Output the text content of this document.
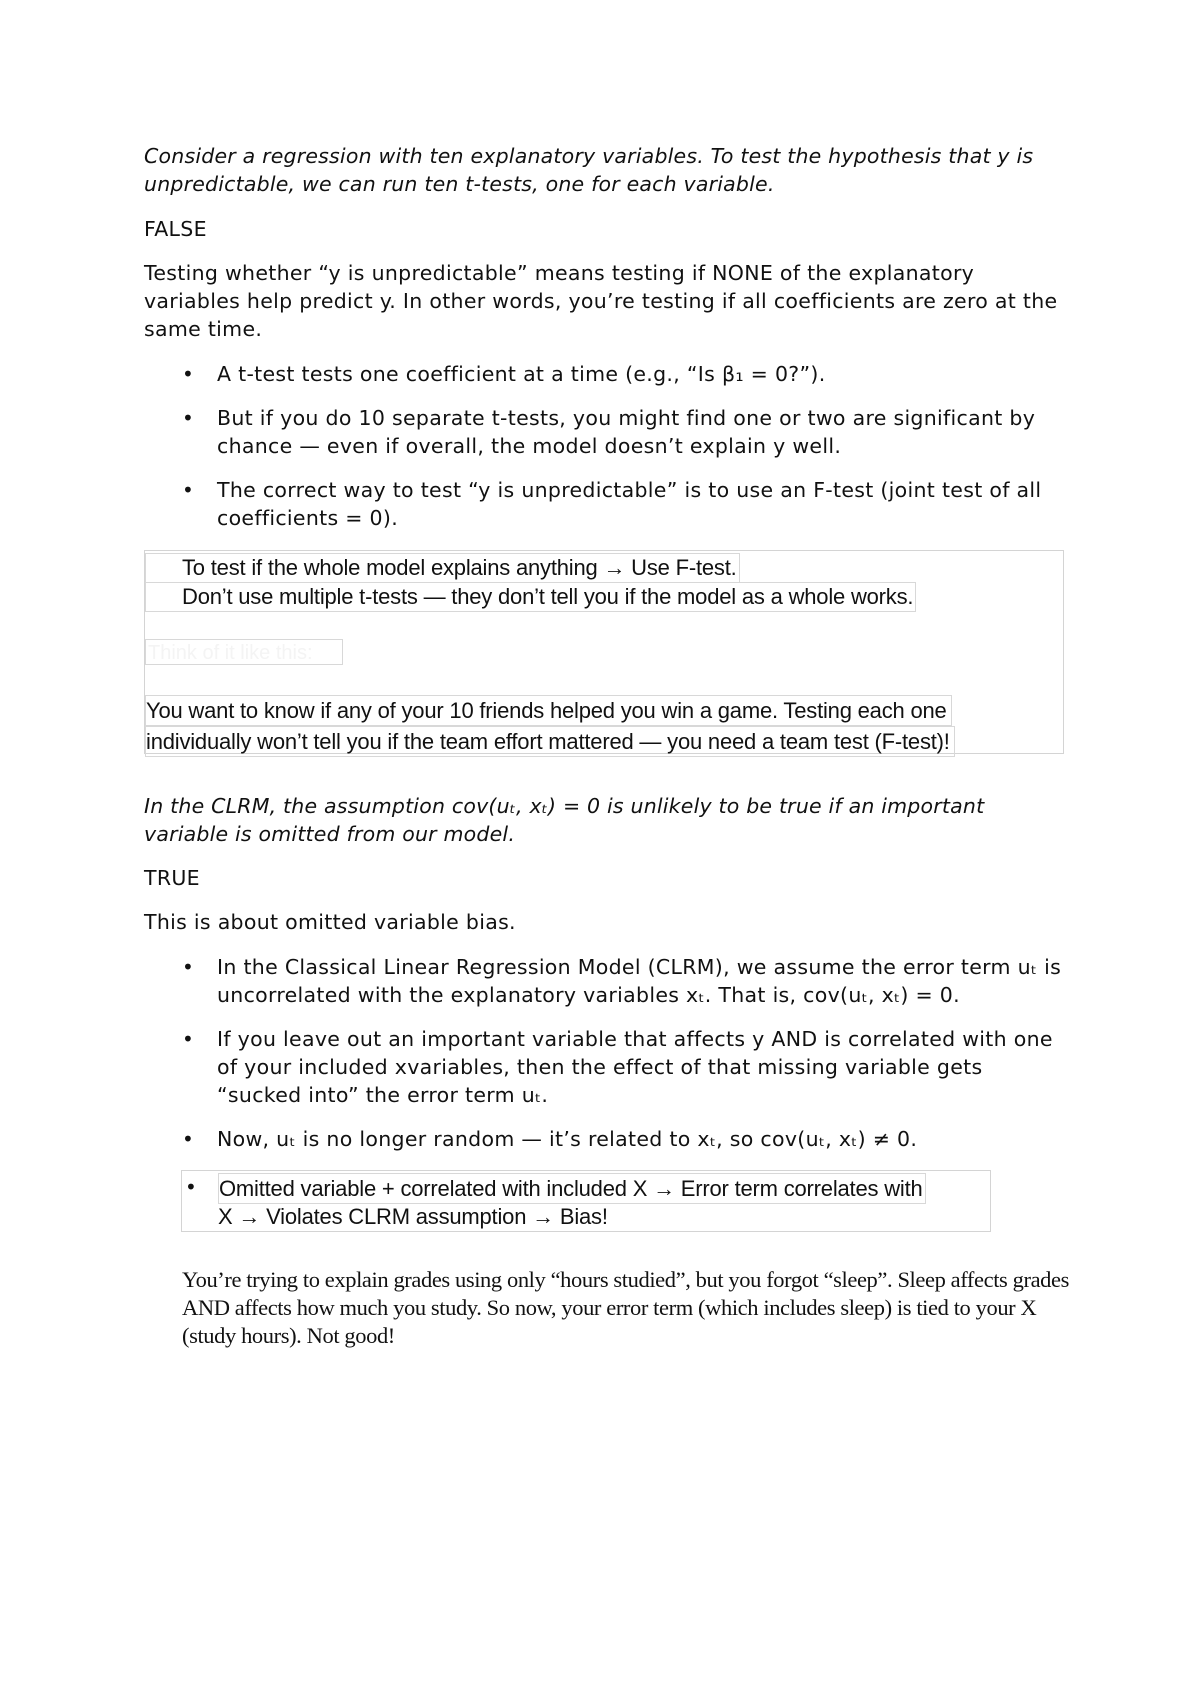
Consider a regression with ten explanatory variables. To test the hypothesis that y is unpredictable, we can run ten t-tests, one for each variable.

FALSE

Testing whether “y is unpredictable” means testing if NONE of the explanatory variables help predict y. In other words, you’re testing if all coefficients are zero at the same time.

• A t-test tests one coefficient at a time (e.g., “Is β₁ = 0?”).
• But if you do 10 separate t-tests, you might find one or two are significant by chance — even if overall, the model doesn’t explain y well.
• The correct way to test “y is unpredictable” is to use an F-test (joint test of all coefficients = 0).
To test if the whole model explains anything → Use F-test.
Don’t use multiple t-tests — they don’t tell you if the model as a whole works.
Think of it like this:
You want to know if any of your 10 friends helped you win a game. Testing each one
individually won’t tell you if the team effort mattered — you need a team test (F-test)!

In the CLRM, the assumption cov(uₜ, xₜ) = 0 is unlikely to be true if an important variable is omitted from our model.

TRUE

This is about omitted variable bias.

• In the Classical Linear Regression Model (CLRM), we assume the error term uₜ is uncorrelated with the explanatory variables xₜ. That is, cov(uₜ, xₜ) = 0.
• If you leave out an important variable that affects y AND is correlated with one of your included xvariables, then the effect of that missing variable gets “sucked into” the error term uₜ.
• Now, uₜ is no longer random — it’s related to xₜ, so cov(uₜ, xₜ) ≠ 0.
• Omitted variable + correlated with included X → Error term correlates with
X → Violates CLRM assumption → Bias!

You’re trying to explain grades using only “hours studied”, but you forgot “sleep”. Sleep affects grades AND affects how much you study. So now, your error term (which includes sleep) is tied to your X (study hours). Not good!
